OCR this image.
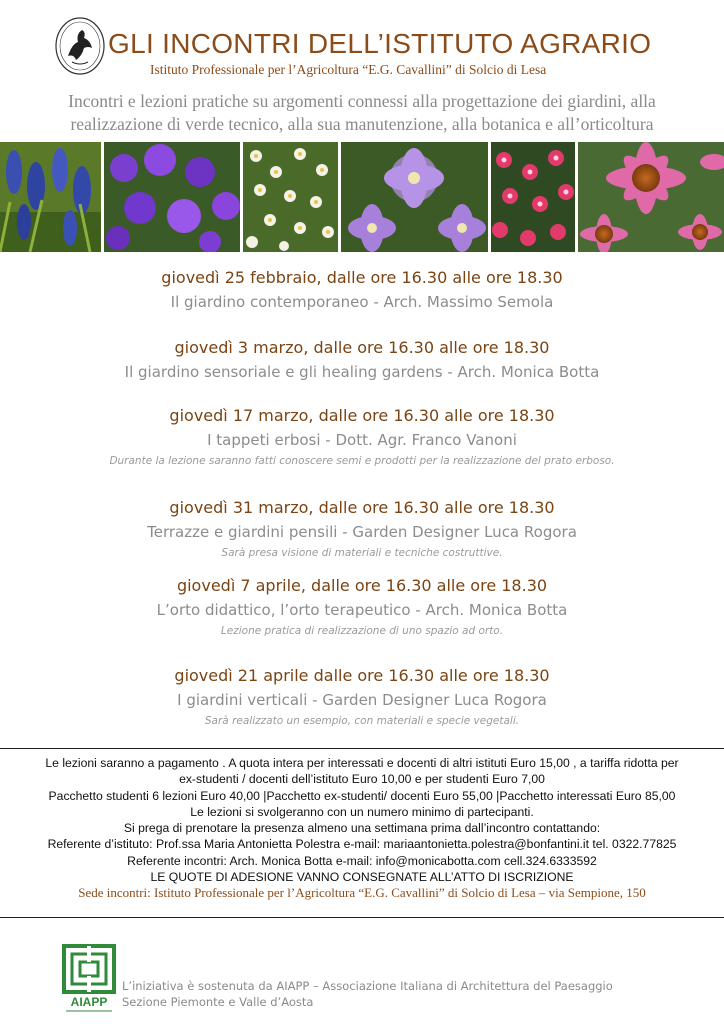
GLI INCONTRI DELL’ISTITUTO AGRARIO
Istituto Professionale per l’Agricoltura “E.G. Cavallini” di Solcio di Lesa
Incontri e lezioni pratiche su argomenti connessi alla progettazione dei giardini, alla
realizzazione di verde tecnico, alla sua manutenzione, alla botanica e all’orticoltura
giovedì 25 febbraio, dalle ore 16.30 alle ore 18.30
Il giardino contemporaneo - Arch. Massimo Semola
giovedì 3 marzo, dalle ore 16.30 alle ore 18.30
Il giardino sensoriale e gli healing gardens - Arch. Monica Botta
giovedì 17 marzo, dalle ore 16.30 alle ore 18.30
I tappeti erbosi - Dott. Agr. Franco Vanoni
Durante la lezione saranno fatti conoscere semi e prodotti per la realizzazione del prato erboso.
giovedì 31 marzo, dalle ore 16.30 alle ore 18.30
Terrazze e giardini pensili - Garden Designer Luca Rogora
Sarà presa visione di materiali e tecniche costruttive.
giovedì 7 aprile, dalle ore 16.30 alle ore 18.30
L’orto didattico, l’orto terapeutico - Arch. Monica Botta
Lezione pratica di realizzazione di uno spazio ad orto.
giovedì 21 aprile dalle ore 16.30 alle ore 18.30
I giardini verticali - Garden Designer Luca Rogora
Sarà realizzato un esempio, con materiali e specie vegetali.
Le lezioni saranno a pagamento . A quota intera per interessati e docenti di altri istituti Euro 15,00 , a tariffa ridotta per
ex-studenti / docenti dell’istituto Euro 10,00 e per studenti Euro 7,00
Pacchetto studenti 6 lezioni Euro 40,00 |Pacchetto ex-studenti/ docenti Euro 55,00 |Pacchetto interessati Euro 85,00
Le lezioni si svolgeranno con un numero minimo di partecipanti.
Si prega di prenotare la presenza almeno una settimana prima dall’incontro contattando:
Referente d’istituto: Prof.ssa Maria Antonietta Polestra e-mail: mariaantonietta.polestra@bonfantini.it tel. 0322.77825
Referente incontri: Arch. Monica Botta e-mail: info@monicabotta.com cell.324.6333592
LE QUOTE DI ADESIONE VANNO CONSEGNATE ALL’ATTO DI ISCRIZIONE
Sede incontri: Istituto Professionale per l’Agricoltura “E.G. Cavallini” di Solcio di Lesa – via Sempione, 150
AIAPP
L’iniziativa è sostenuta da AIAPP – Associazione Italiana di Architettura del Paesaggio
Sezione Piemonte e Valle d’Aosta
